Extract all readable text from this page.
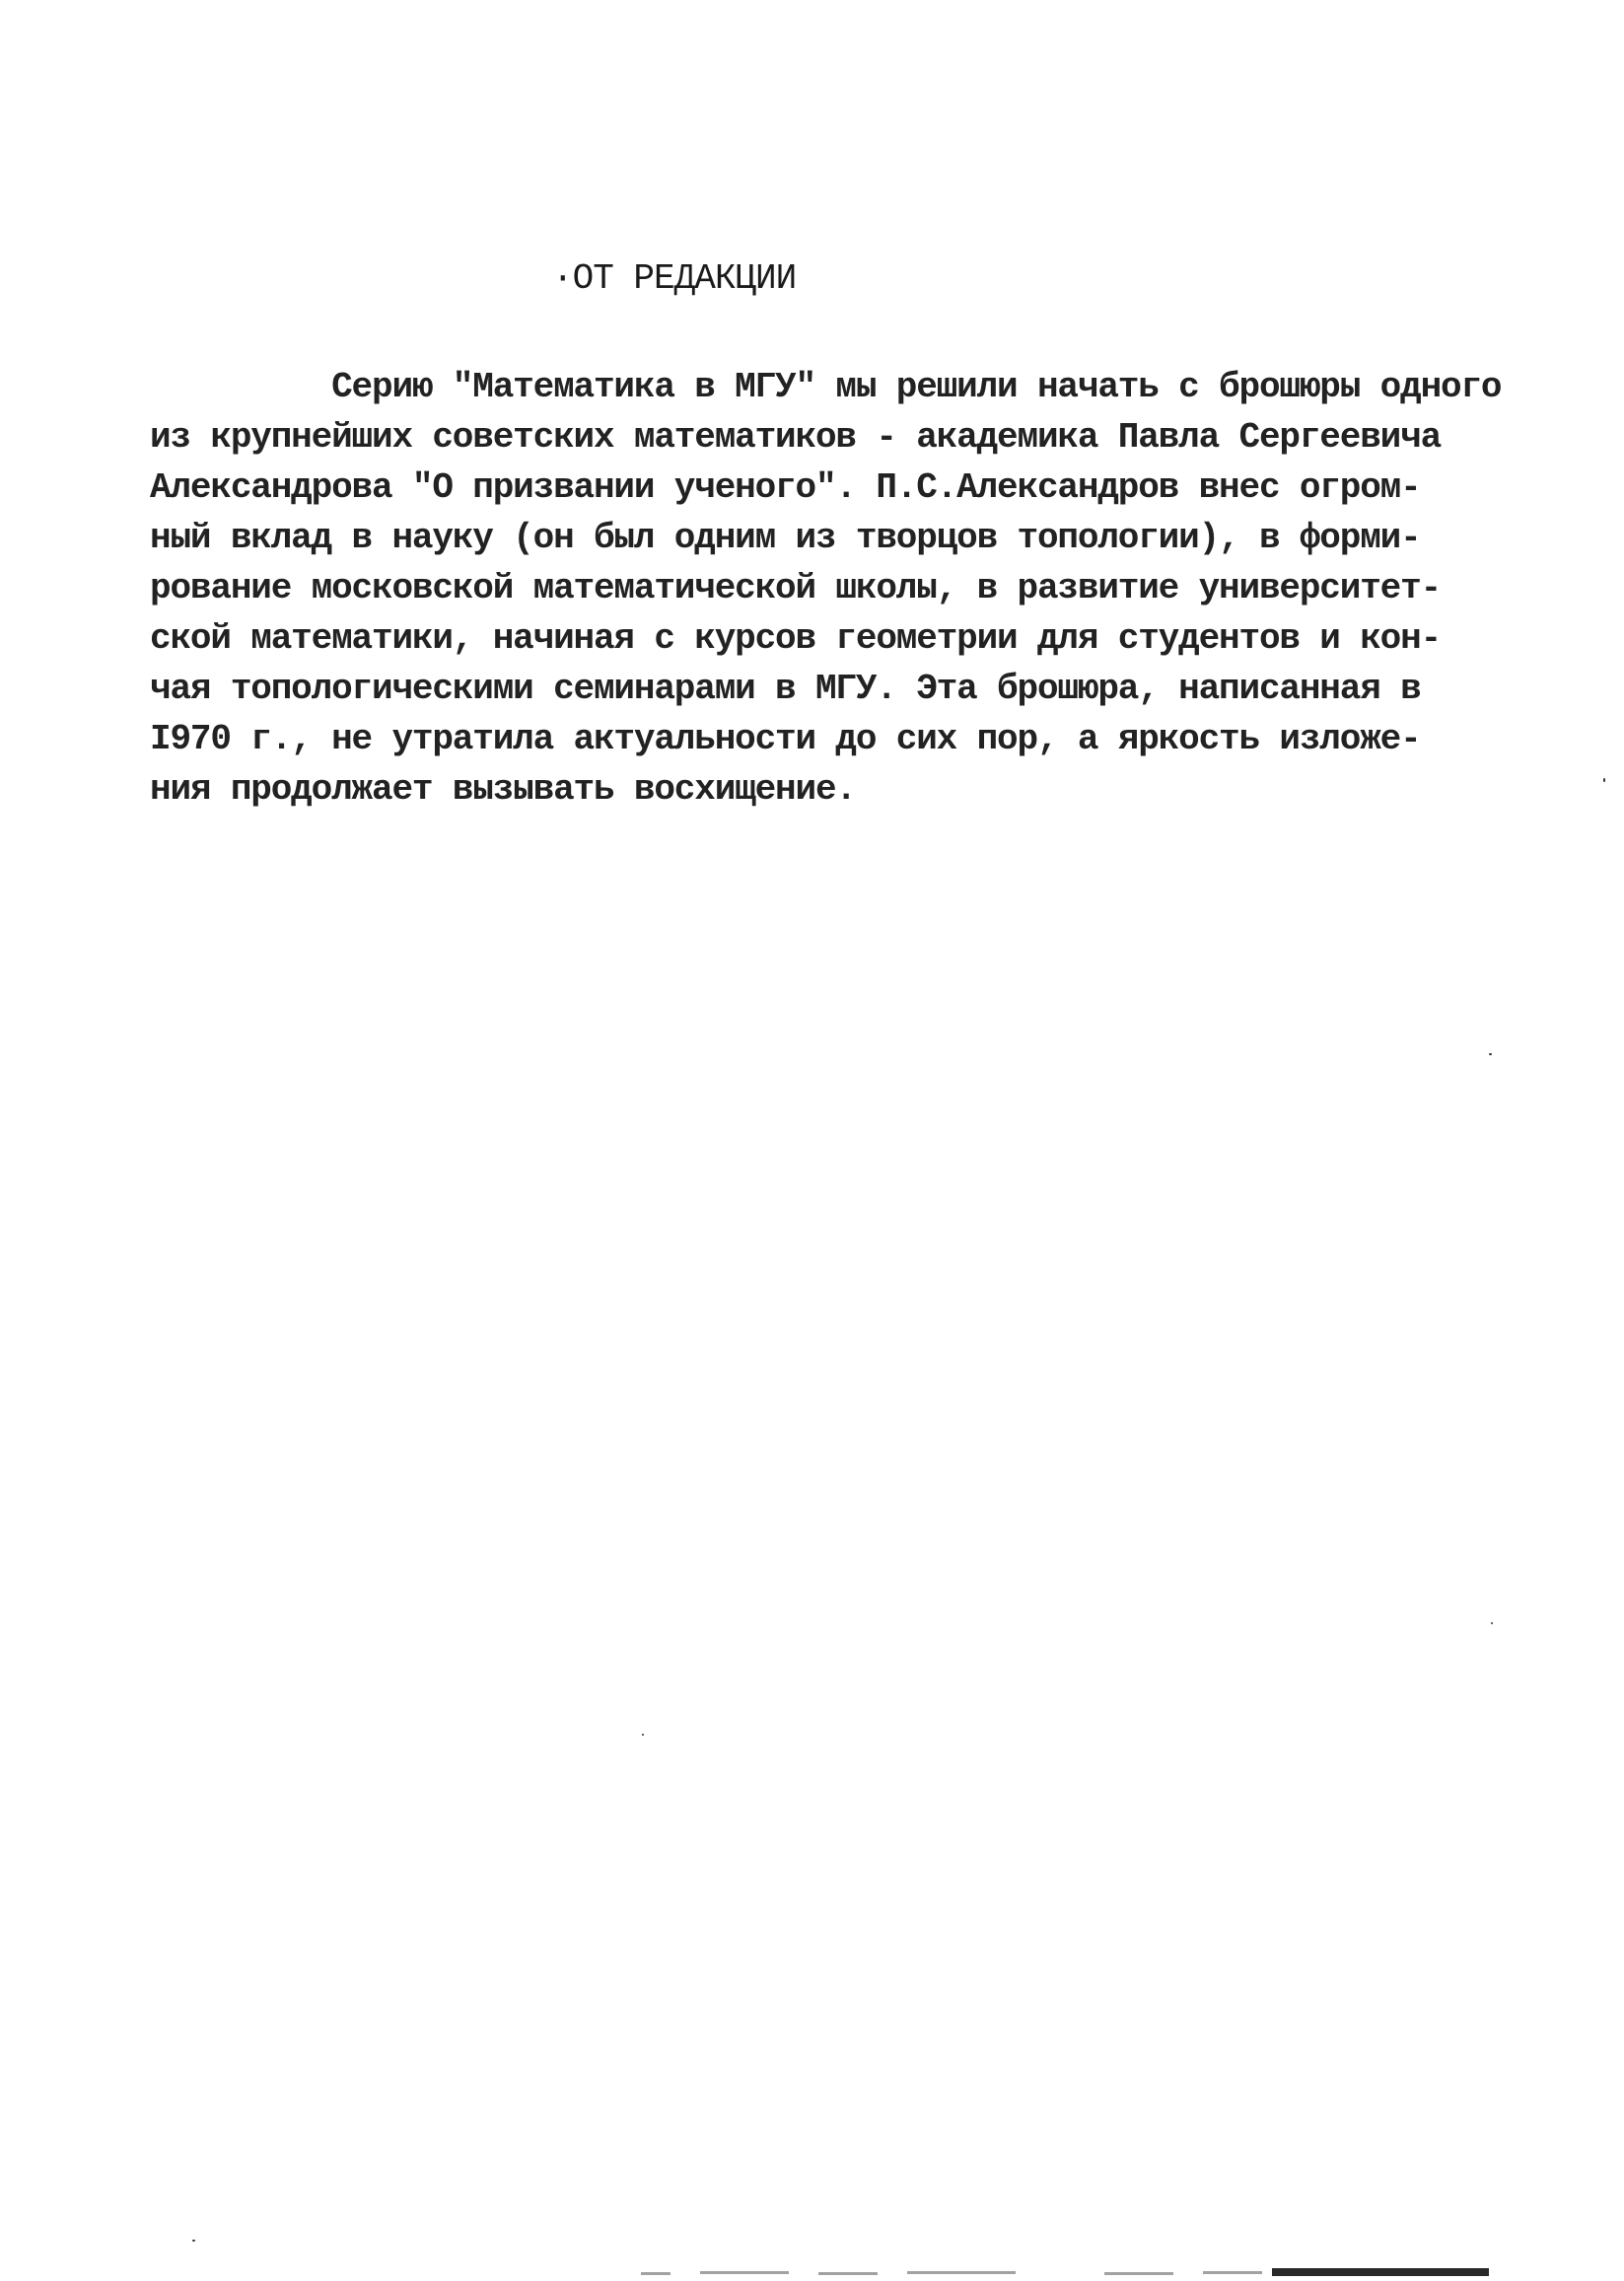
·ОТ РЕДАКЦИИ
Серию "Математика в МГУ" мы решили начать с брошюры одного
из крупнейших советских математиков - академика Павла Сергеевича
Александрова "О призвании ученого". П.С.Александров внес огром-
ный вклад в науку (он был одним из творцов топологии), в форми-
рование московской математической школы, в развитие университет-
ской математики, начиная с курсов геометрии для студентов и кон-
чая топологическими семинарами в МГУ. Эта брошюра, написанная в
I970 г., не утратила актуальности до сих пор, а яркость изложе-
ния продолжает вызывать восхищение.
